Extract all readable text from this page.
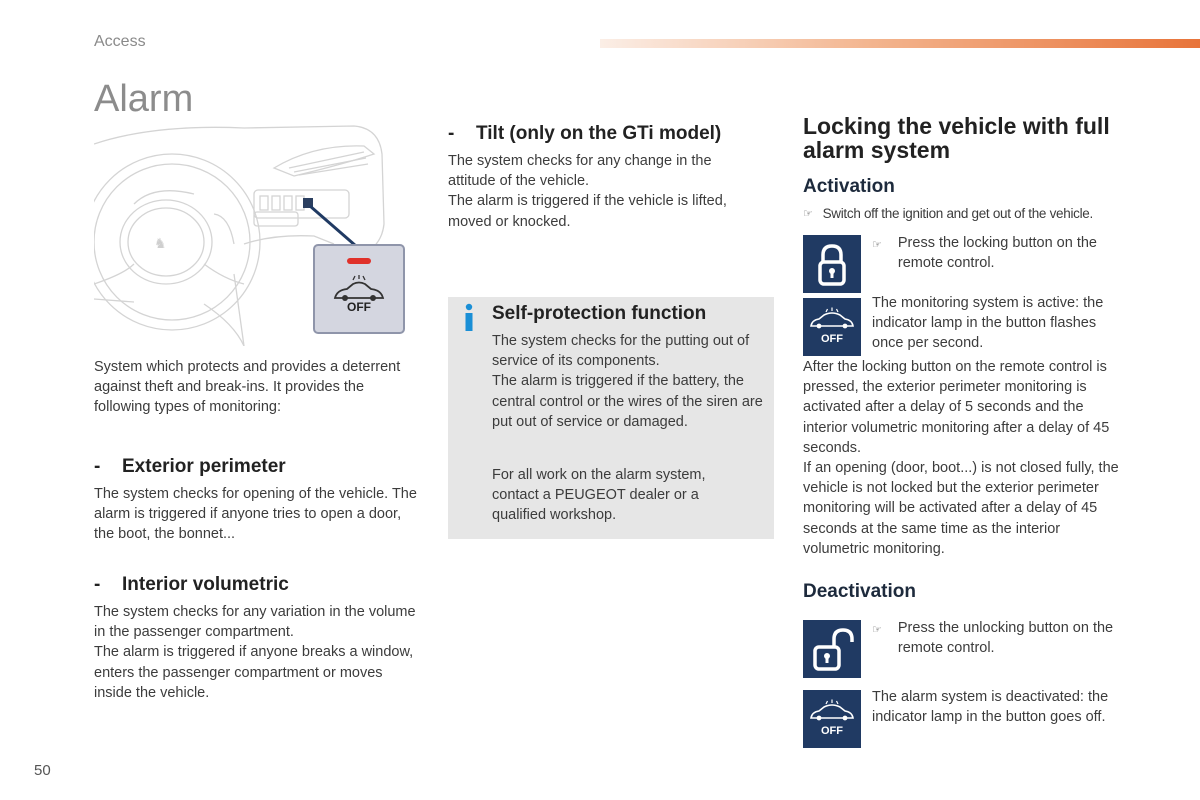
Access
Alarm
♞
OFF

System which protects and provides a deterrent against theft and break-ins. It provides the following types of monitoring:

- Exterior perimeter

The system checks for opening of the vehicle. The alarm is triggered if anyone tries to open a door, the boot, the bonnet...

- Interior volumetric

The system checks for any variation in the volume in the passenger compartment.

The alarm is triggered if anyone breaks a window, enters the passenger compartment or moves inside the vehicle.

- Tilt (only on the GTi model)

The system checks for any change in the attitude of the vehicle.

The alarm is triggered if the vehicle is lifted, moved or knocked.

Self-protection function

The system checks for the putting out of service of its components.

The alarm is triggered if the battery, the central control or the wires of the siren are put out of service or damaged.

For all work on the alarm system, contact a PEUGEOT dealer or a qualified workshop.

Locking the vehicle with full alarm system
Activation
☞ Switch off the ignition and get out of the vehicle.
☞ Press the locking button on the remote control.
OFF

The monitoring system is active: the indicator lamp in the button flashes once per second.

After the locking button on the remote control is pressed, the exterior perimeter monitoring is activated after a delay of 5 seconds and the interior volumetric monitoring after a delay of 45 seconds.

If an opening (door, boot...) is not closed fully, the vehicle is not locked but the exterior perimeter monitoring will be activated after a delay of 45 seconds at the same time as the interior volumetric monitoring.

Deactivation
☞ Press the unlocking button on the remote control.
OFF

The alarm system is deactivated: the indicator lamp in the button goes off.

50
